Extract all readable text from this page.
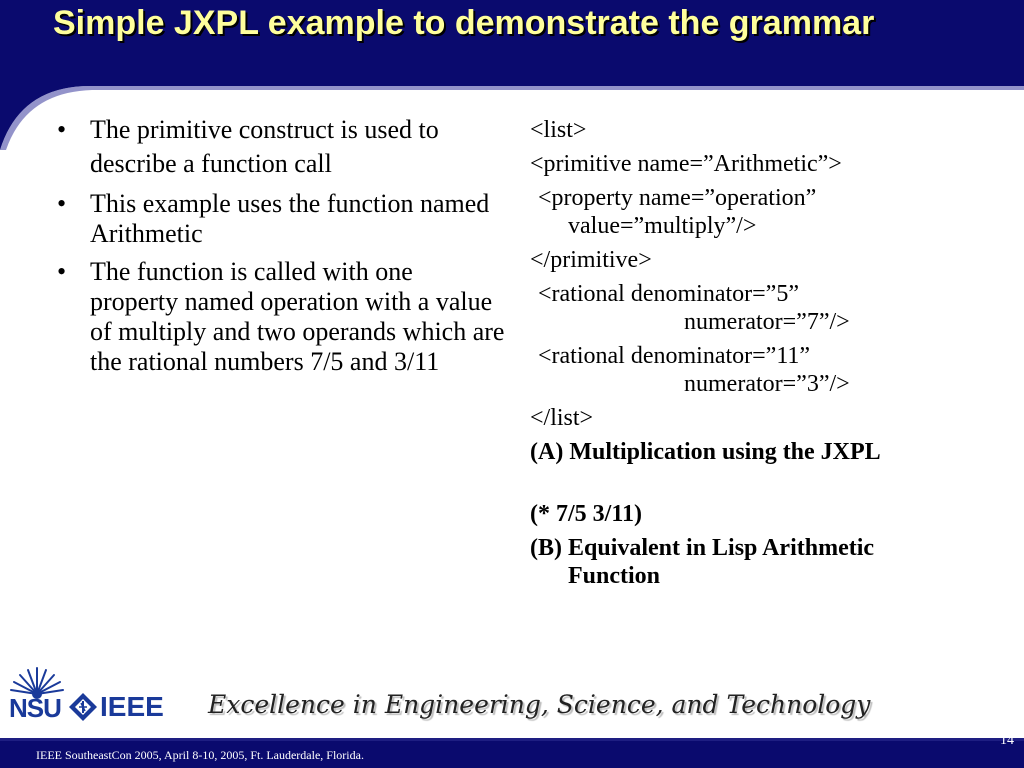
Simple JXPL example to demonstrate the grammar
• The primitive construct is used to describe a function call
• This example uses the function named Arithmetic
• The function is called with one property named operation with a value of multiply and two operands which are the rational numbers 7/5 and 3/11
<list>
<primitive name=”Arithmetic”>
<property name=”operation”
value=”multiply”/>
</primitive>
<rational denominator=”5”
numerator=”7”/>
<rational denominator=”11”
numerator=”3”/>
</list>
(A) Multiplication using the JXPL
(* 7/5 3/11)
(B) Equivalent in Lisp Arithmetic
Function
NSU IEEE Excellence in Engineering, Science, and Technology
IEEE SoutheastCon 2005, April 8-10, 2005, Ft. Lauderdale, Florida.
14
